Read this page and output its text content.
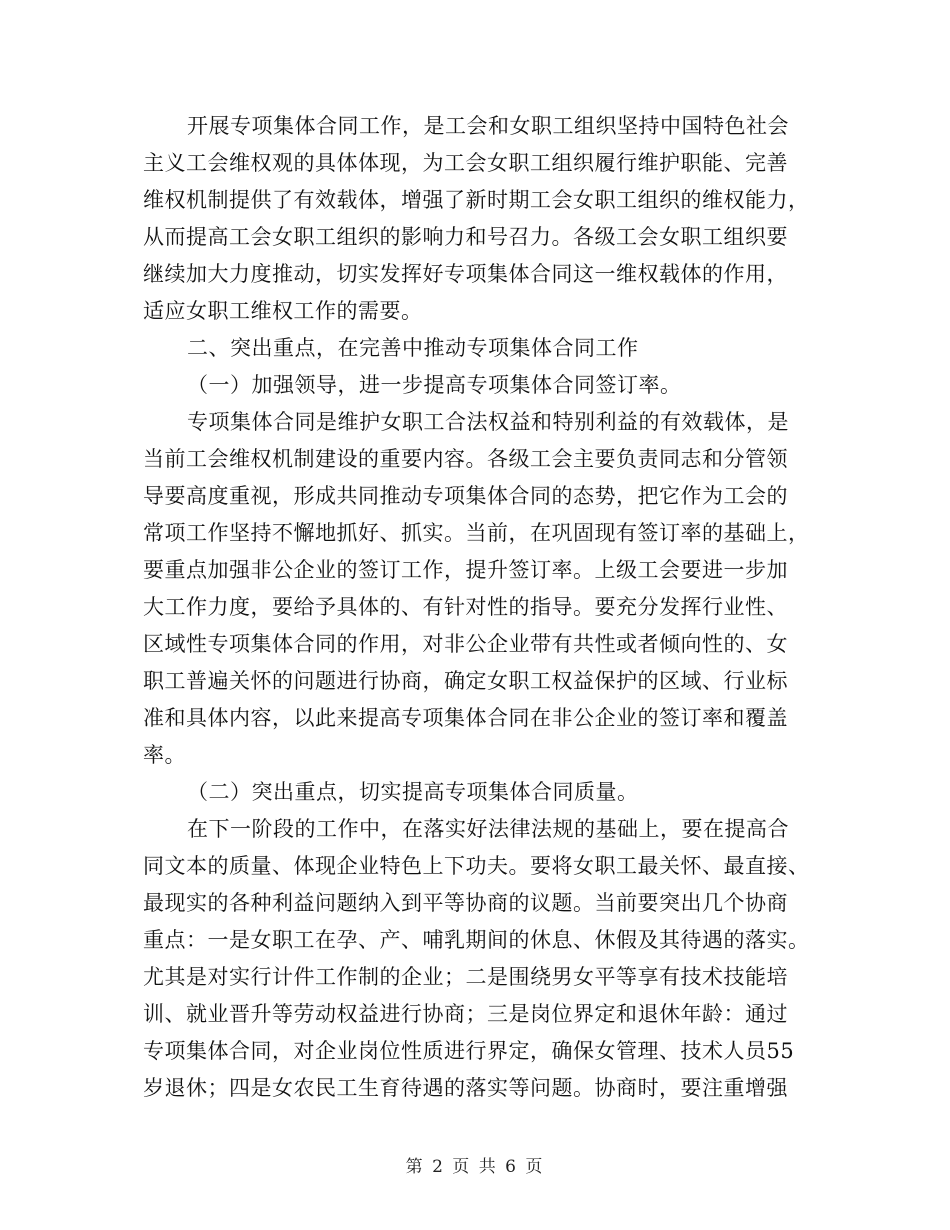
开展专项集体合同工作，是工会和女职工组织坚持中国特色社会
主义工会维权观的具体体现，为工会女职工组织履行维护职能、完善
维权机制提供了有效载体，增强了新时期工会女职工组织的维权能力，
从而提高工会女职工组织的影响力和号召力。各级工会女职工组织要
继续加大力度推动，切实发挥好专项集体合同这一维权载体的作用，
适应女职工维权工作的需要。
二、突出重点，在完善中推动专项集体合同工作
（一）加强领导，进一步提高专项集体合同签订率。
专项集体合同是维护女职工合法权益和特别利益的有效载体，是
当前工会维权机制建设的重要内容。各级工会主要负责同志和分管领
导要高度重视，形成共同推动专项集体合同的态势，把它作为工会的
常项工作坚持不懈地抓好、抓实。当前，在巩固现有签订率的基础上，
要重点加强非公企业的签订工作，提升签订率。上级工会要进一步加
大工作力度，要给予具体的、有针对性的指导。要充分发挥行业性、
区域性专项集体合同的作用，对非公企业带有共性或者倾向性的、女
职工普遍关怀的问题进行协商，确定女职工权益保护的区域、行业标
准和具体内容，以此来提高专项集体合同在非公企业的签订率和覆盖
率。
（二）突出重点，切实提高专项集体合同质量。
在下一阶段的工作中，在落实好法律法规的基础上，要在提高合
同文本的质量、体现企业特色上下功夫。要将女职工最关怀、最直接、
最现实的各种利益问题纳入到平等协商的议题。当前要突出几个协商
重点：一是女职工在孕、产、哺乳期间的休息、休假及其待遇的落实。
尤其是对实行计件工作制的企业；二是围绕男女平等享有技术技能培
训、就业晋升等劳动权益进行协商；三是岗位界定和退休年龄：通过
专项集体合同，对企业岗位性质进行界定，确保女管理、技术人员55
岁退休；四是女农民工生育待遇的落实等问题。协商时，要注重增强
第 2 页 共 6 页
